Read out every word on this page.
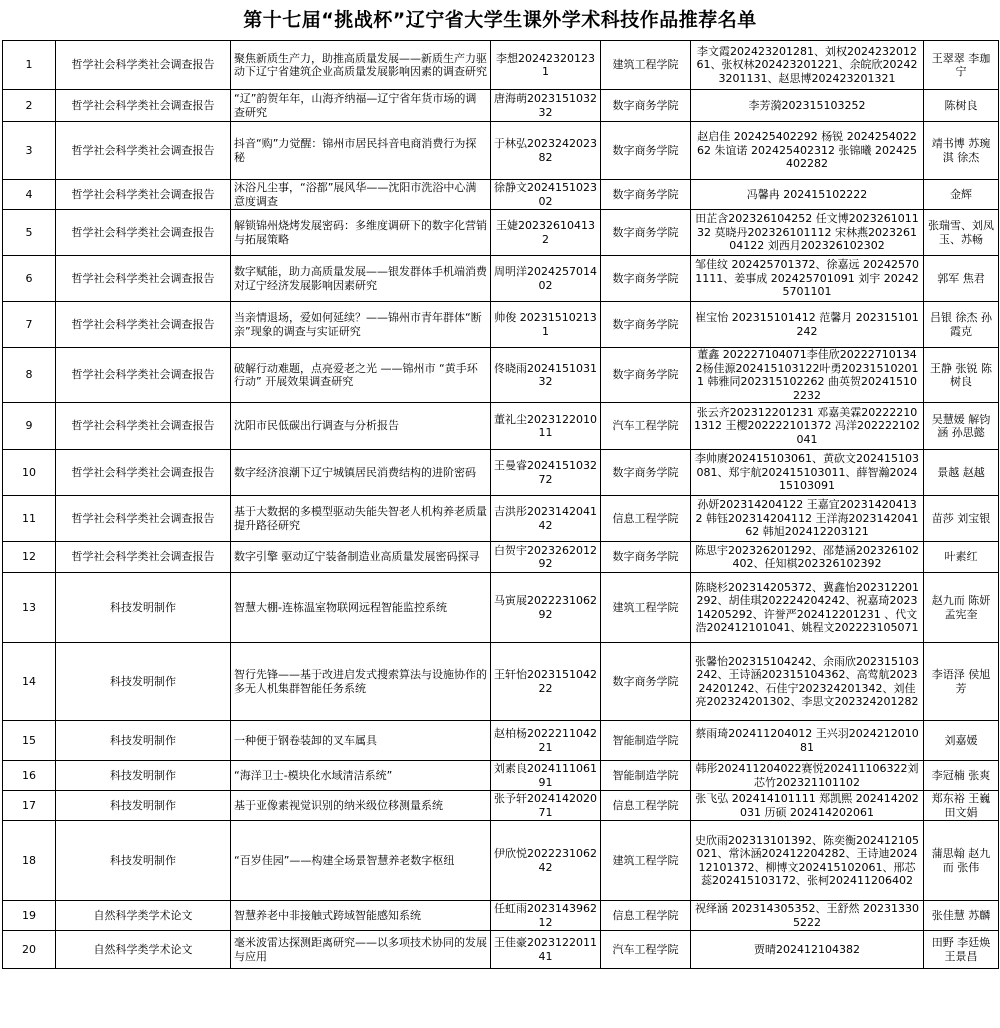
第十七届“挑战杯”辽宁省大学生课外学术科技作品推荐名单
1	哲学社会科学类社会调查报告	聚焦新质生产力，助推高质量发展——新质生产力驱动下辽宁省建筑企业高质量发展影响因素的调查研究	李想202423201231	建筑工程学院	李文霞202423201281、刘权202423201261、张权林202423201221、余皖欣202423201131、赵思博202423201321	王翠翠 李珈宁
2	哲学社会科学类社会调查报告	“辽”韵贺年年，山海齐纳福—辽宁省年货市场的调查研究	唐海萌202315103232	数字商务学院	李芳漪202315103252	陈树良
3	哲学社会科学类社会调查报告	抖音“购”力觉醒：锦州市居民抖音电商消费行为探秘	于林弘202324202382	数字商务学院	赵启佳 202425402292 杨锐 202425402262 朱谊诺 202425402312 张锦曦 202425402282	靖书博 苏琬淇 徐杰
4	哲学社会科学类社会调查报告	沐浴凡尘事，“浴都”展风华——沈阳市洗浴中心满意度调查	徐静文202415102302	数字商务学院	冯馨冉 202415102222	金辉
5	哲学社会科学类社会调查报告	解锁锦州烧烤发展密码：多维度调研下的数字化营销与拓展策略	王婕202326104132	数字商务学院	田芷含202326104252 任文博202326101132 莫晓丹202326101112 宋林燕202326104122 刘西月202326102302	张瑞雪、刘凤玉、苏畅
6	哲学社会科学类社会调查报告	数字赋能，助力高质量发展——银发群体手机端消费对辽宁经济发展影响因素研究	周明洋202425701402	数字商务学院	邹佳纹 202425701372、徐嘉远 202425701111、姜事成 202425701091 刘宇 202425701101	郭军 焦君
7	哲学社会科学类社会调查报告	当亲情退场，爱如何延续？——锦州市青年群体“断亲”现象的调查与实证研究	帅俊 202315102131	数字商务学院	崔宝怡 202315101412 范馨月 202315101242	吕银 徐杰 孙霞克
8	哲学社会科学类社会调查报告	破解行动难题，点亮爱老之光 ——锦州市 “黄手环行动” 开展效果调查研究	佟晓雨202415103132	数字商务学院	董鑫 202227104071李佳欣202227101342杨佳源202415103122叶勇202315102011 韩雅同202315102262 曲英贺202415102232	王静 张锐 陈树良
9	哲学社会科学类社会调查报告	沈阳市民低碳出行调查与分析报告	董礼尘202312201011	汽车工程学院	张云齐202312201231 邓嘉美霖202222101312 王樱202222101372 冯洋202222102041	吴慧媛 解钧涵 孙思懿
10	哲学社会科学类社会调查报告	数字经济浪潮下辽宁城镇居民消费结构的进阶密码	王曼睿202415103272	数字商务学院	李帅赓202415103061、黄砍文202415103081、郑宇航202415103011、薛智瀚202415103091	景越 赵越
11	哲学社会科学类社会调查报告	基于大数据的多模型驱动失能失智老人机构养老质量提升路径研究	吉洪彤202314204142	信息工程学院	孙妍202314204122 王嘉宜202314204132 韩钰202314204112 王洋海202314204162 韩旭202412203121	苗莎 刘宝银
12	哲学社会科学类社会调查报告	数字引擎 驱动辽宁装备制造业高质量发展密码探寻	白贺宇202326201292	数字商务学院	陈思宇202326201292、邵楚涵202326102402、任知棋202326102392	叶素红
13	科技发明制作	智慧大棚-连栋温室物联网远程智能监控系统	马寅展202223106292	建筑工程学院	陈晓杉202314205372、冀鑫怡202312201292、胡佳琪202224204242、祝嘉琦202314205292、许誉严202412201231 、代文浩202412101041、姚程文202223105071	赵九而 陈妍 孟宪奎
14	科技发明制作	智行先锋——基于改进启发式搜索算法与设施协作的多无人机集群智能任务系统	王轩怡202315104222	数字商务学院	张馨怡202315104242、余雨欣202315103242、王诗涵202315104362、高莺航202324201242、石佳宁202324201342、刘佳亮202324201302、李思文202324201282	李语泽 侯旭芳
15	科技发明制作	一种便于钢卷装卸的叉车属具	赵柏杨202221104221	智能制造学院	蔡雨琦202411204012 王兴羽202421201081	刘嘉媛
16	科技发明制作	“海洋卫士-模块化水域清洁系统”	刘素良202411106191	智能制造学院	韩彤202411204022赛悦202411106322刘芯竹202321101102	李冠楠 张爽
17	科技发明制作	基于亚像素视觉识别的纳米级位移测量系统	张予轩202414202071	信息工程学院	张飞弘 202414101111 郑凯熙 202414202031 历硕 202414202061	郑东裕 王巍 田文娟
18	科技发明制作	“百岁佳园”——构建全场景智慧养老数字枢纽	伊欣悦202223106242	建筑工程学院	史欣雨202313101392、陈奕衡202412105021、常沐涵202412204282、王诗迪202412101372、柳博文202415102061、邢芯蕊202415103172、张柯202411206402	蒲思翰 赵九而 张伟
19	自然科学类学术论文	智慧养老中非接触式跨域智能感知系统	任虹雨202314396212	信息工程学院	祝绎涵 202314305352、王舒然 202313305222	张佳慧 苏麟
20	自然科学类学术论文	毫米波雷达探测距离研究——以多项技术协同的发展与应用	王佳豪202312201141	汽车工程学院	贾晴202412104382	田野 李廷焕 王景昌
